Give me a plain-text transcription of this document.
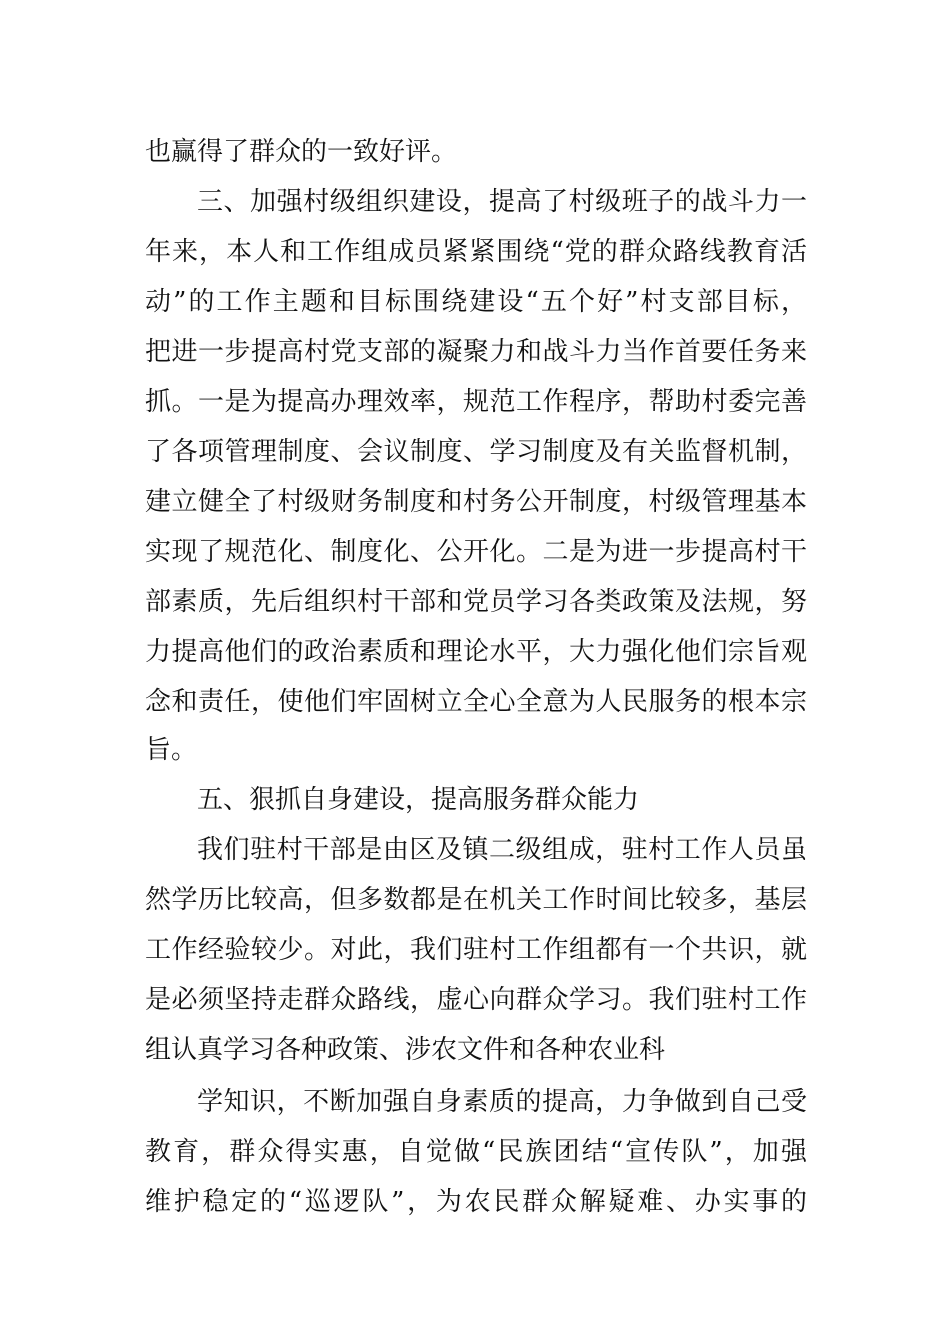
也赢得了群众的一致好评。
三、加强村级组织建设，提高了村级班子的战斗力一
年来，本人和工作组成员紧紧围绕“党的群众路线教育活
动”的工作主题和目标围绕建设“五个好”村支部目标，
把进一步提高村党支部的凝聚力和战斗力当作首要任务来
抓。一是为提高办理效率，规范工作程序，帮助村委完善
了各项管理制度、会议制度、学习制度及有关监督机制，
建立健全了村级财务制度和村务公开制度，村级管理基本
实现了规范化、制度化、公开化。二是为进一步提高村干
部素质，先后组织村干部和党员学习各类政策及法规，努
力提高他们的政治素质和理论水平，大力强化他们宗旨观
念和责任，使他们牢固树立全心全意为人民服务的根本宗
旨。
五、狠抓自身建设，提高服务群众能力
我们驻村干部是由区及镇二级组成，驻村工作人员虽
然学历比较高，但多数都是在机关工作时间比较多，基层
工作经验较少。对此，我们驻村工作组都有一个共识，就
是必须坚持走群众路线，虚心向群众学习。我们驻村工作
组认真学习各种政策、涉农文件和各种农业科
学知识，不断加强自身素质的提高，力争做到自己受
教育，群众得实惠，自觉做“民族团结“宣传队”，加强
维护稳定的“巡逻队”，为农民群众解疑难、办实事的
